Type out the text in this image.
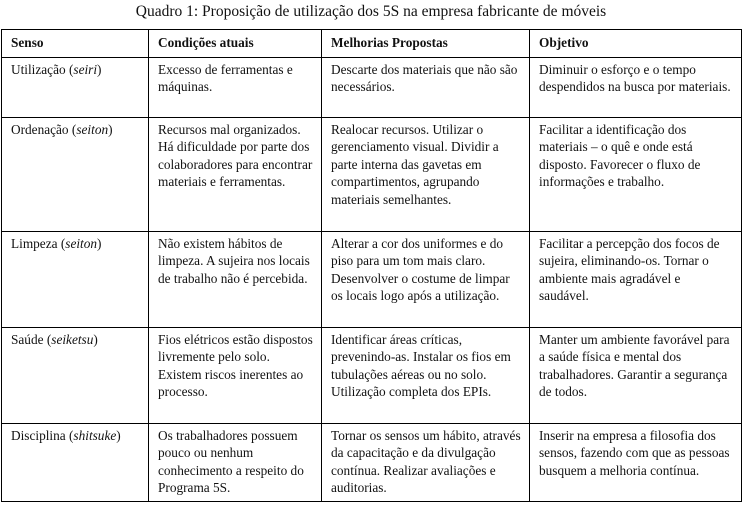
Quadro 1: Proposição de utilização dos 5S na empresa fabricante de móveis
Senso	Condições atuais	Melhorias Propostas	Objetivo
Utilização (seiri)	Excesso de ferramentas e máquinas.	Descarte dos materiais que não são necessários.	Diminuir o esforço e o tempo despendidos na busca por materiais.
Ordenação (seiton)	Recursos mal organizados. Há dificuldade por parte dos colaboradores para encontrar materiais e ferramentas.	Realocar recursos. Utilizar o gerenciamento visual. Dividir a parte interna das gavetas em compartimentos, agrupando materiais semelhantes.	Facilitar a identificação dos materiais – o quê e onde está disposto. Favorecer o fluxo de informações e trabalho.
Limpeza (seiton)	Não existem hábitos de limpeza. A sujeira nos locais de trabalho não é percebida.	Alterar a cor dos uniformes e do piso para um tom mais claro. Desenvolver o costume de limpar os locais logo após a utilização.	Facilitar a percepção dos focos de sujeira, eliminando-os. Tornar o ambiente mais agradável e saudável.
Saúde (seiketsu)	Fios elétricos estão dispostos livremente pelo solo. Existem riscos inerentes ao processo.	Identificar áreas críticas, prevenindo-as. Instalar os fios em tubulações aéreas ou no solo. Utilização completa dos EPIs.	Manter um ambiente favorável para a saúde física e mental dos trabalhadores. Garantir a segurança de todos.
Disciplina (shitsuke)	Os trabalhadores possuem pouco ou nenhum conhecimento a respeito do Programa 5S.	Tornar os sensos um hábito, através da capacitação e da divulgação contínua. Realizar avaliações e auditorias.	Inserir na empresa a filosofia dos sensos, fazendo com que as pessoas busquem a melhoria contínua.
